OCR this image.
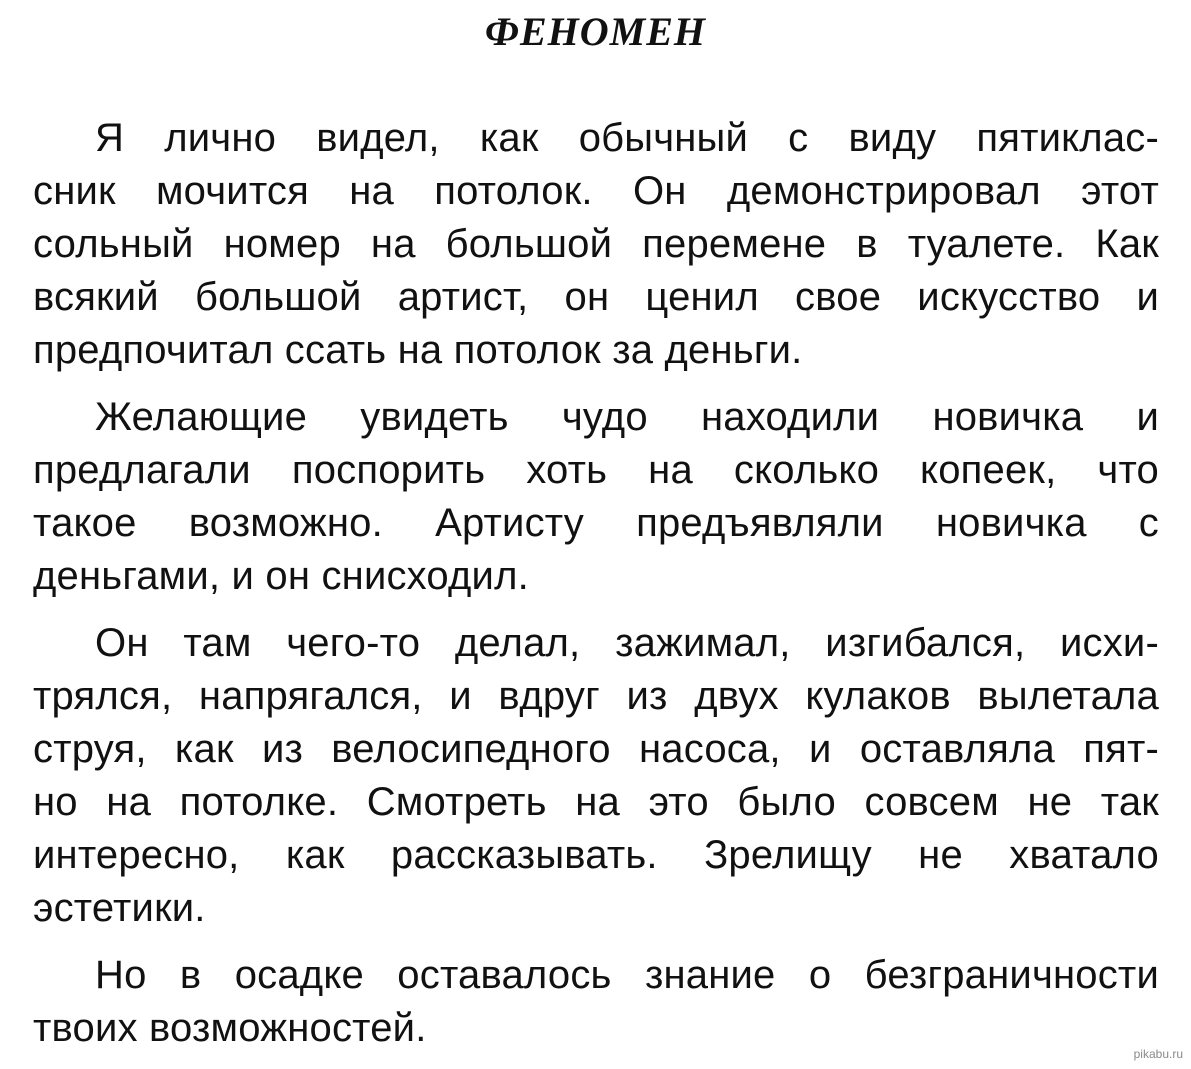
ФЕНОМЕН

Я лично видел, как обычный с виду пятиклас-
сник мочится на потолок. Он демонстрировал этот
сольный номер на большой перемене в туалете. Как
всякий большой артист, он ценил свое искусство и
предпочитал ссать на потолок за деньги.

Желающие увидеть чудо находили новичка и
предлагали поспорить хоть на сколько копеек, что
такое возможно. Артисту предъявляли новичка с
деньгами, и он снисходил.

Он там чего-то делал, зажимал, изгибался, исхи-
трялся, напрягался, и вдруг из двух кулаков вылетала
струя, как из велосипедного насоса, и оставляла пят-
но на потолке. Смотреть на это было совсем не так
интересно, как рассказывать. Зрелищу не хватало
эстетики.

Но в осадке оставалось знание о безграничности
твоих возможностей.

pikabu.ru
